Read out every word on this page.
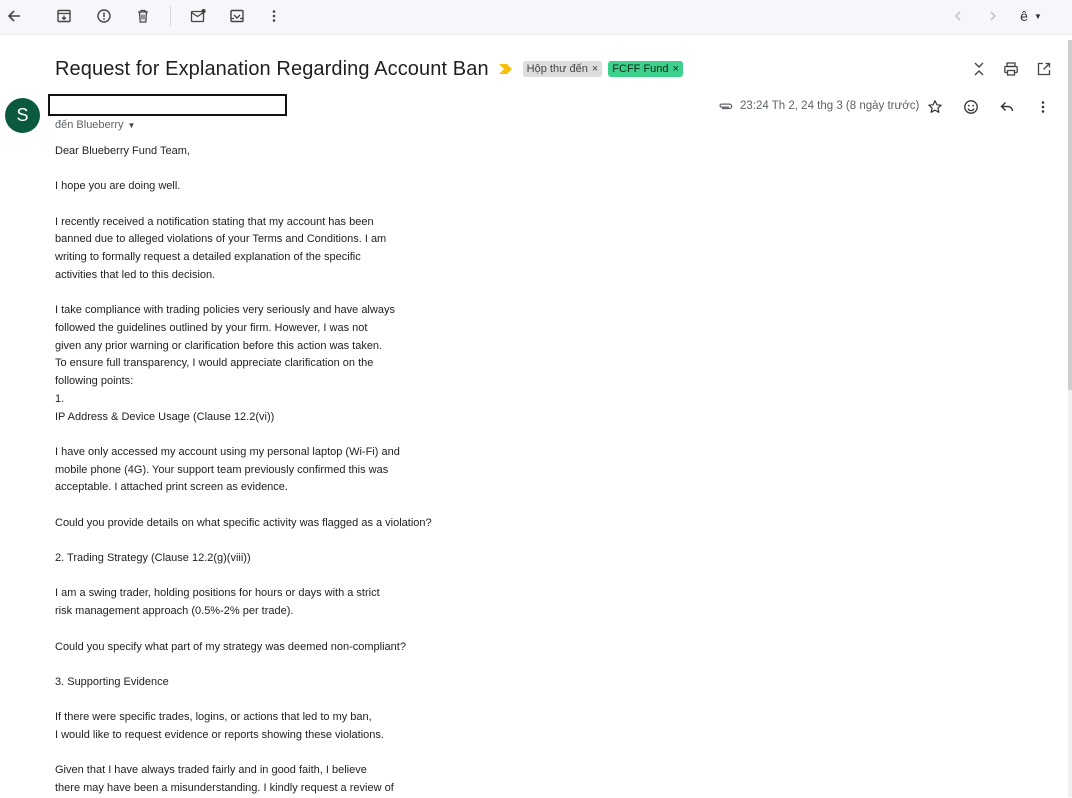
ê ▼
Request for Explanation Regarding Account Ban	Hộp thư đến × FCFF Fund ×
S	đến Blueberry ▼
23:24 Th 2, 24 thg 3 (8 ngày trước)

Dear Blueberry Fund Team,

I hope you are doing well.

I recently received a notification stating that my account has been

banned due to alleged violations of your Terms and Conditions. I am

writing to formally request a detailed explanation of the specific

activities that led to this decision.

I take compliance with trading policies very seriously and have always

followed the guidelines outlined by your firm. However, I was not

given any prior warning or clarification before this action was taken.

To ensure full transparency, I would appreciate clarification on the

following points:

1.

IP Address & Device Usage (Clause 12.2(vi))

I have only accessed my account using my personal laptop (Wi-Fi) and

mobile phone (4G). Your support team previously confirmed this was

acceptable. I attached print screen as evidence.

Could you provide details on what specific activity was flagged as a violation?

2. Trading Strategy (Clause 12.2(g)(viii))

I am a swing trader, holding positions for hours or days with a strict

risk management approach (0.5%-2% per trade).

Could you specify what part of my strategy was deemed non-compliant?

3. Supporting Evidence

If there were specific trades, logins, or actions that led to my ban,

I would like to request evidence or reports showing these violations.

Given that I have always traded fairly and in good faith, I believe

there may have been a misunderstanding. I kindly request a review of
